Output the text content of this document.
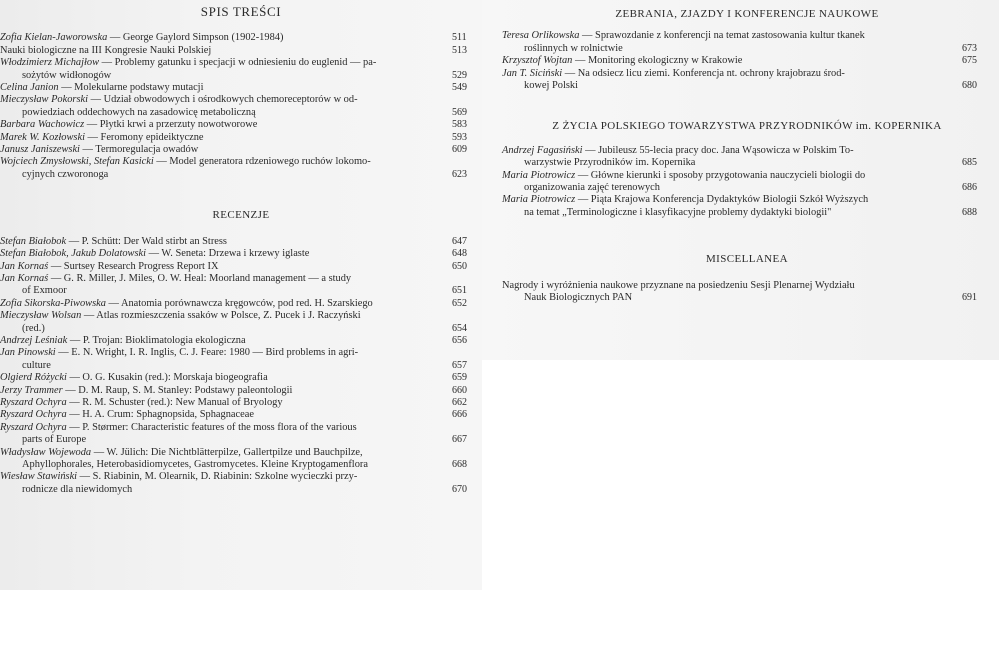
SPIS TREŚCI
Zofia Kielan-Jaworowska — George Gaylord Simpson (1902-1984)	511
Nauki biologiczne na III Kongresie Nauki Polskiej	513
Włodzimierz Michajłow — Problemy gatunku i specjacji w odniesieniu do euglenid — pa-
sożytów widłonogów	529
Celina Janion — Molekularne podstawy mutacji	549
Mieczysław Pokorski — Udział obwodowych i ośrodkowych chemoreceptorów w od-
powiedziach oddechowych na zasadowicę metaboliczną	569
Barbara Wachowicz — Płytki krwi a przerzuty nowotworowe	583
Marek W. Kozłowski — Feromony epideiktyczne	593
Janusz Janiszewski — Termoregulacja owadów	609
Wojciech Zmysłowski, Stefan Kasicki — Model generatora rdzeniowego ruchów lokomo-
cyjnych czworonoga	623
RECENZJE
Stefan Białobok — P. Schütt: Der Wald stirbt an Stress	647
Stefan Białobok, Jakub Dolatowski — W. Seneta: Drzewa i krzewy iglaste	648
Jan Kornaś — Surtsey Research Progress Report IX	650
Jan Kornaś — G. R. Miller, J. Miles, O. W. Heal: Moorland management — a study
of Exmoor	651
Zofia Sikorska-Piwowska — Anatomia porównawcza kręgowców, pod red. H. Szarskiego	652
Mieczysław Wolsan — Atlas rozmieszczenia ssaków w Polsce, Z. Pucek i J. Raczyński
(red.)	654
Andrzej Leśniak — P. Trojan: Bioklimatologia ekologiczna	656
Jan Pinowski — E. N. Wright, I. R. Inglis, C. J. Feare: 1980 — Bird problems in agri-
culture	657
Olgierd Różycki — O. G. Kusakin (red.): Morskaja biogeografia	659
Jerzy Trammer — D. M. Raup, S. M. Stanley: Podstawy paleontologii	660
Ryszard Ochyra — R. M. Schuster (red.): New Manual of Bryology	662
Ryszard Ochyra — H. A. Crum: Sphagnopsida, Sphagnaceae	666
Ryszard Ochyra — P. Størmer: Characteristic features of the moss flora of the various
parts of Europe	667
Władysław Wojewoda — W. Jülich: Die Nichtblätterpilze, Gallertpilze und Bauchpilze,
Aphyllophorales, Heterobasidiomycetes, Gastromycetes. Kleine Kryptogamenflora	668
Wiesław Stawiński — S. Riabinin, M. Olearnik, D. Riabinin: Szkolne wycieczki przy-
rodnicze dla niewidomych	670
ZEBRANIA, ZJAZDY I KONFERENCJE NAUKOWE
Teresa Orlikowska — Sprawozdanie z konferencji na temat zastosowania kultur tkanek
roślinnych w rolnictwie	673
Krzysztof Wojtan — Monitoring ekologiczny w Krakowie	675
Jan T. Siciński — Na odsiecz licu ziemi. Konferencja nt. ochrony krajobrazu środ-
kowej Polski	680
Z ŻYCIA POLSKIEGO TOWARZYSTWA PRZYRODNIKÓW im. KOPERNIKA
Andrzej Fagasiński — Jubileusz 55-lecia pracy doc. Jana Wąsowicza w Polskim To-
warzystwie Przyrodników im. Kopernika	685
Maria Piotrowicz — Główne kierunki i sposoby przygotowania nauczycieli biologii do
organizowania zajęć terenowych	686
Maria Piotrowicz — Piąta Krajowa Konferencja Dydaktyków Biologii Szkół Wyższych
na temat „Terminologiczne i klasyfikacyjne problemy dydaktyki biologii"	688
MISCELLANEA
Nagrody i wyróżnienia naukowe przyznane na posiedzeniu Sesji Plenarnej Wydziału
Nauk Biologicznych PAN	691
